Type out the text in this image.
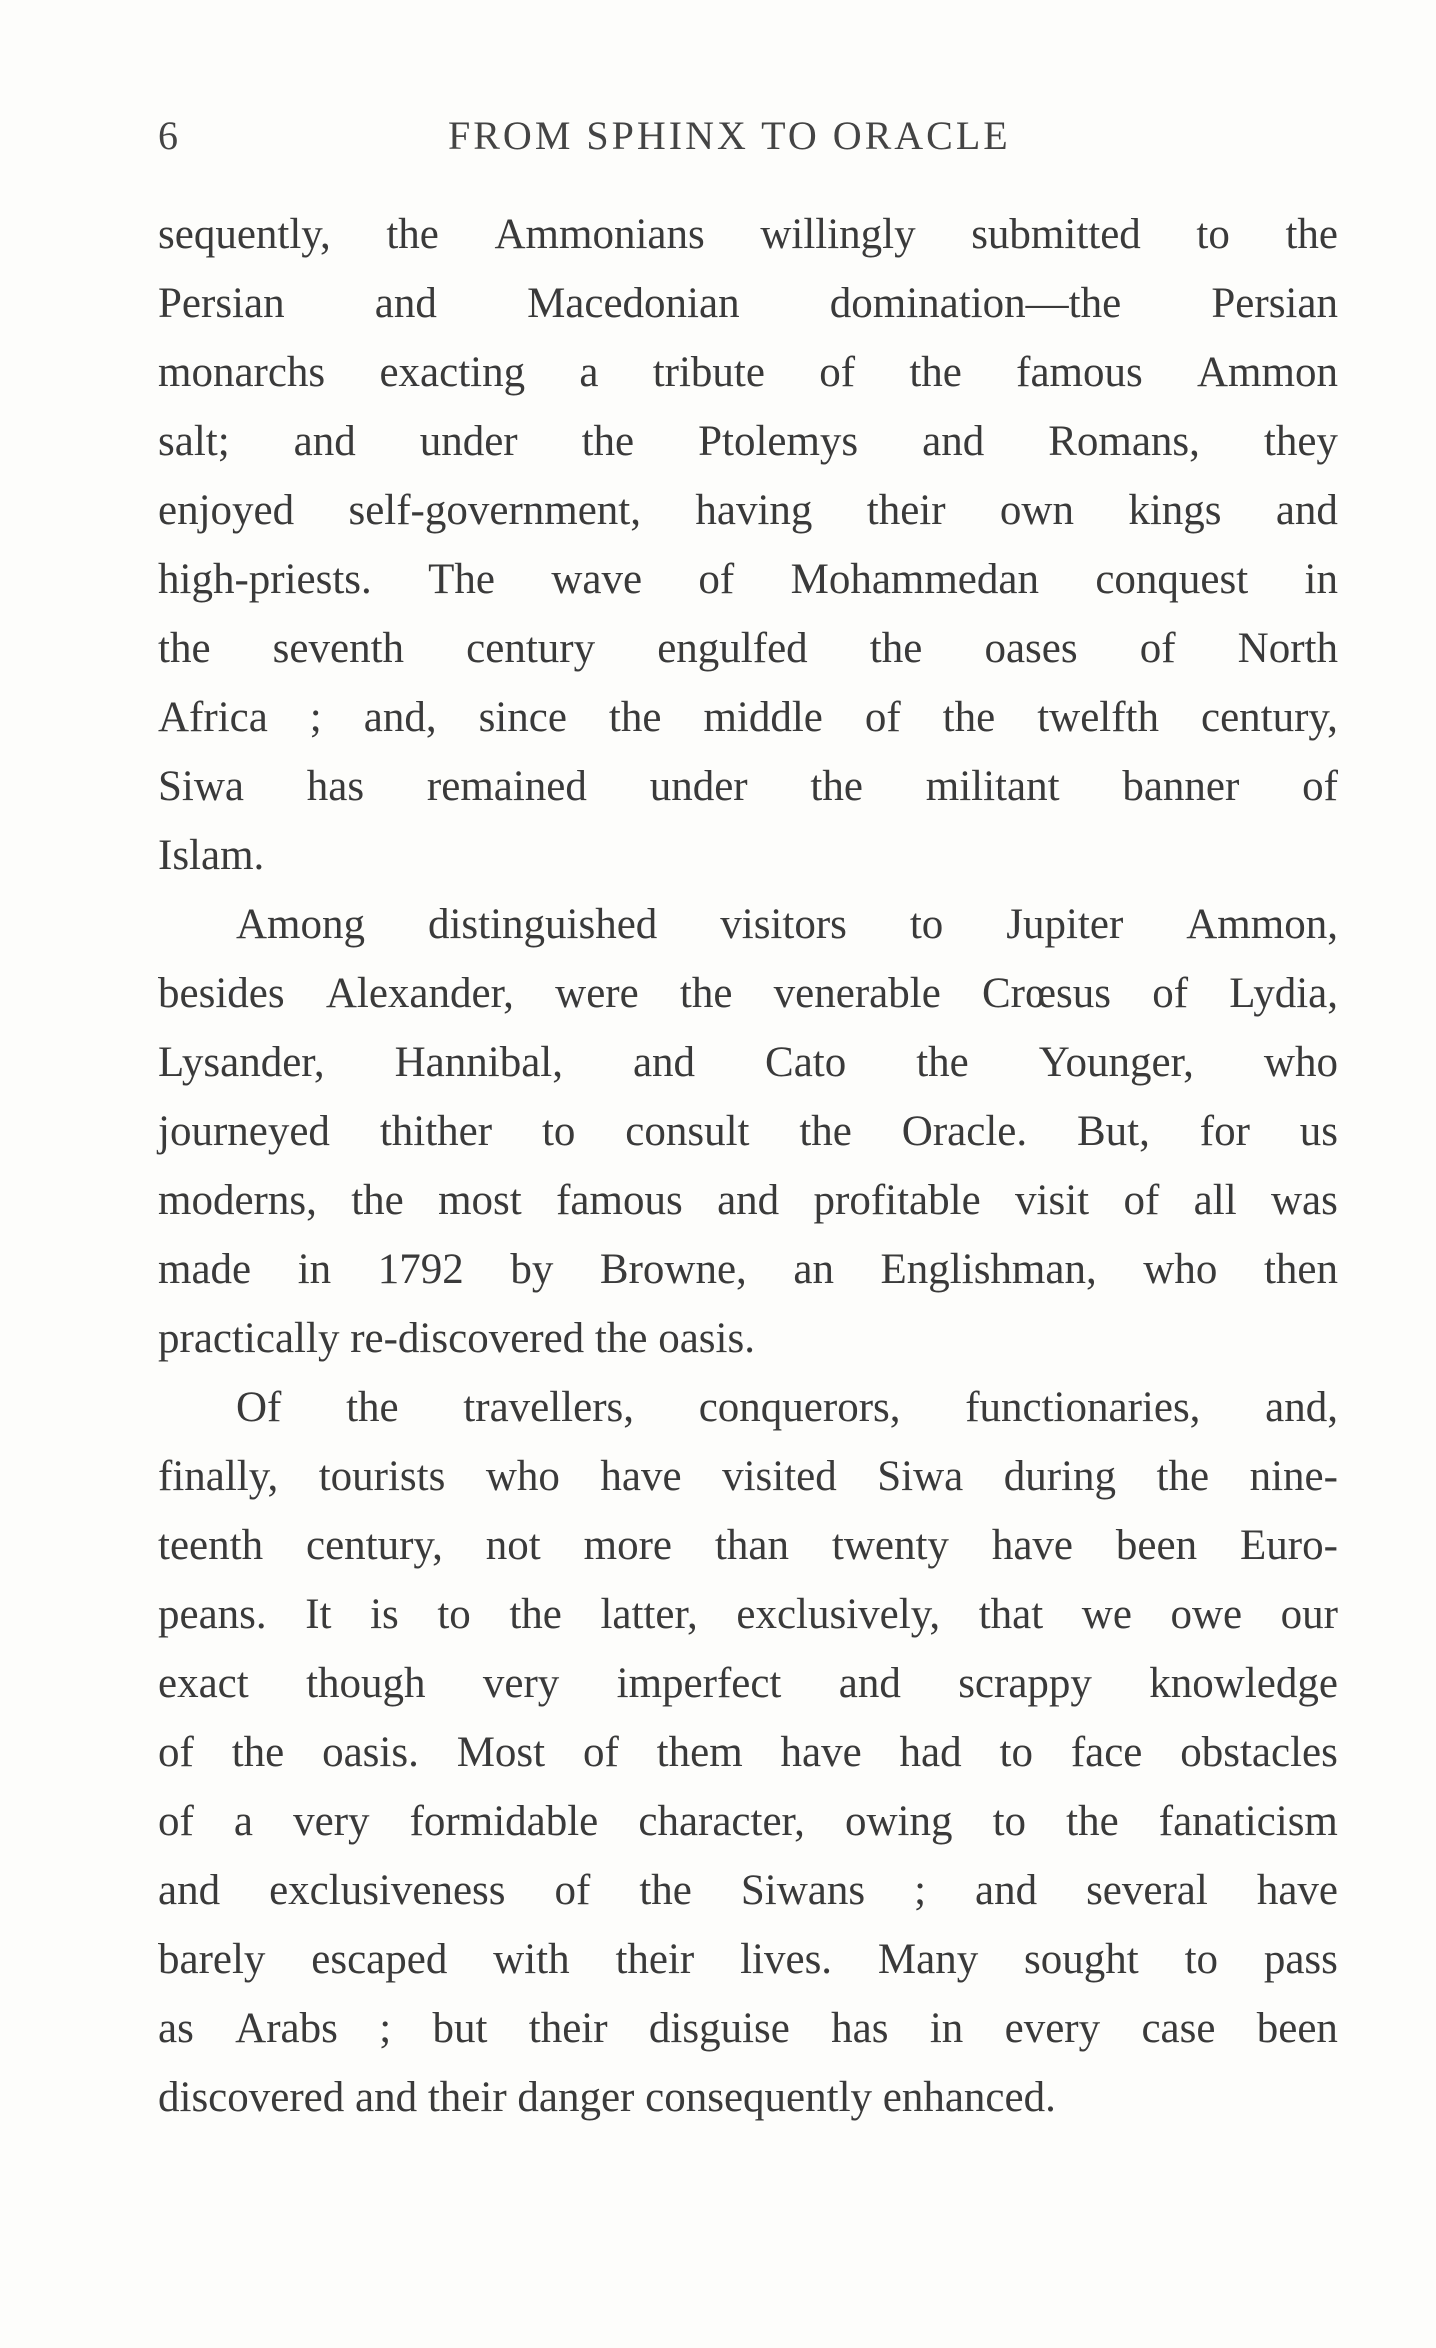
6	FROM SPHINX TO ORACLE
sequently, the Ammonians willingly submitted to the
Persian and Macedonian domination—the Persian
monarchs exacting a tribute of the famous Ammon
salt; and under the Ptolemys and Romans, they
enjoyed self-government, having their own kings and
high-priests. The wave of Mohammedan conquest in
the seventh century engulfed the oases of North
Africa ; and, since the middle of the twelfth century,
Siwa has remained under the militant banner of
Islam.
Among distinguished visitors to Jupiter Ammon,
besides Alexander, were the venerable Crœsus of Lydia,
Lysander, Hannibal, and Cato the Younger, who
journeyed thither to consult the Oracle. But, for us
moderns, the most famous and profitable visit of all was
made in 1792 by Browne, an Englishman, who then
practically re-discovered the oasis.
Of the travellers, conquerors, functionaries, and,
finally, tourists who have visited Siwa during the nine-
teenth century, not more than twenty have been Euro-
peans. It is to the latter, exclusively, that we owe our
exact though very imperfect and scrappy knowledge
of the oasis. Most of them have had to face obstacles
of a very formidable character, owing to the fanaticism
and exclusiveness of the Siwans ; and several have
barely escaped with their lives. Many sought to pass
as Arabs ; but their disguise has in every case been
discovered and their danger consequently enhanced.
